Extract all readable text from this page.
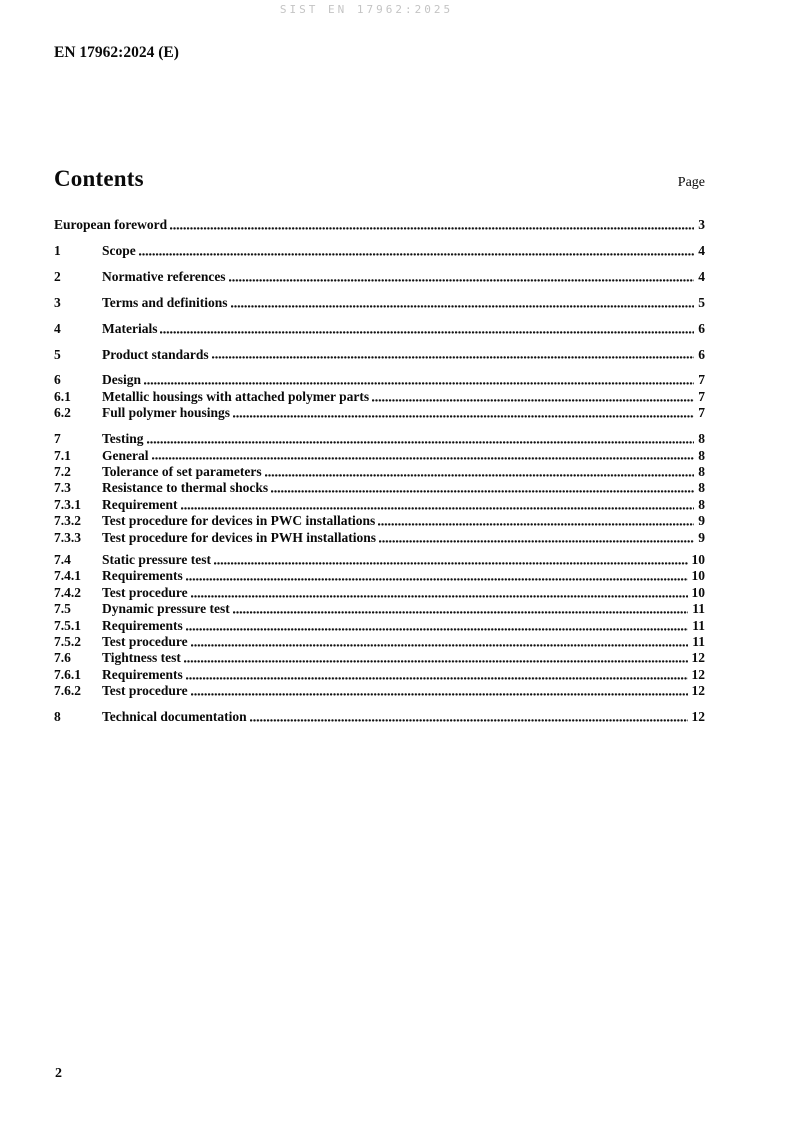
SIST EN 17962:2025
EN 17962:2024 (E)
Contents	Page
European foreword	3
1	Scope	4
2	Normative references	4
3	Terms and definitions	5
4	Materials	6
5	Product standards	6
6	Design	7
6.1	Metallic housings with attached polymer parts	7
6.2	Full polymer housings	7
7	Testing	8
7.1	General	8
7.2	Tolerance of set parameters	8
7.3	Resistance to thermal shocks	8
7.3.1	Requirement	8
7.3.2	Test procedure for devices in PWC installations	9
7.3.3	Test procedure for devices in PWH installations	9
7.4	Static pressure test	10
7.4.1	Requirements	10
7.4.2	Test procedure	10
7.5	Dynamic pressure test	11
7.5.1	Requirements	11
7.5.2	Test procedure	11
7.6	Tightness test	12
7.6.1	Requirements	12
7.6.2	Test procedure	12
8	Technical documentation	12
2
